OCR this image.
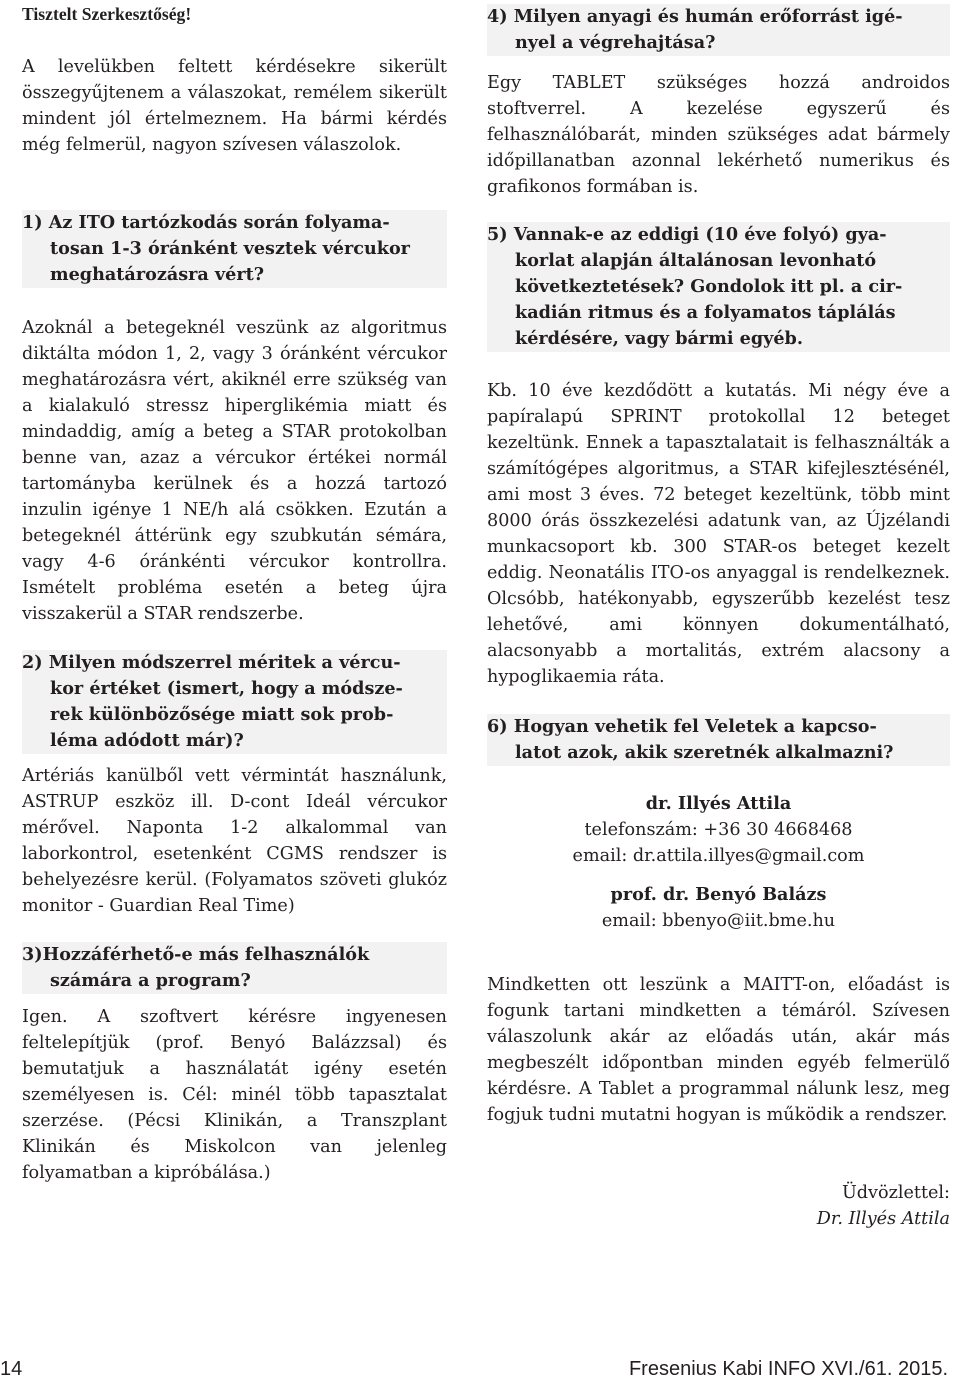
Tisztelt Szerkesztőség!

A levelükben feltett kérdésekre sikerült összegyűjtenem a válaszokat, remélem sikerült mindent jól értelmeznem. Ha bármi kérdés még felmerül, nagyon szívesen válaszolok.

1) Az ITO tartózkodás során folyama-
tosan 1-3 óránként vesztek vércukor
meghatározásra vért?

Azoknál a betegeknél veszünk az algoritmus diktálta módon 1, 2, vagy 3 óránként vércukor meghatározásra vért, akiknél erre szükség van a kialakuló stressz hiperglikémia miatt és mindaddig, amíg a beteg a STAR protokolban benne van, azaz a vércukor értékei normál tartományba kerülnek és a hozzá tartozó inzulin igénye 1 NE/h alá csökken. Ezután a betegeknél áttérünk egy szubkután sémára, vagy 4-6 óránkénti vércukor kontrollra. Ismételt probléma esetén a beteg újra visszakerül a STAR rendszerbe.

2) Milyen módszerrel méritek a vércu-
kor értéket (ismert, hogy a módsze-
rek különbözősége miatt sok prob-
léma adódott már)?

Artériás kanülből vett vérmintát használunk, ASTRUP eszköz ill. D-cont Ideál vércukor mérővel. Naponta 1-2 alkalommal van laborkontrol, esetenként CGMS rendszer is behelyezésre kerül. (Folyamatos szöveti glukóz monitor - Guardian Real Time)

3)Hozzáférhető-e más felhasználók
számára a program?

Igen. A szoftvert kérésre ingyenesen feltelepítjük (prof. Benyó Balázzsal) és bemutatjuk a használatát igény esetén személyesen is. Cél: minél több tapasztalat szerzése. (Pécsi Klinikán, a Transzplant Klinikán és Miskolcon van jelenleg folyamatban a kipróbálása.)

4) Milyen anyagi és humán erőforrást igé-
nyel a végrehajtása?

Egy TABLET szükséges hozzá androidos stoftverrel. A kezelése egyszerű és felhasználóbarát, minden szükséges adat bármely időpillanatban azonnal lekérhető numerikus és grafikonos formában is.

5) Vannak-e az eddigi (10 éve folyó) gya-
korlat alapján általánosan levonható
következtetések? Gondolok itt pl. a cir-
kadián ritmus és a folyamatos táplálás
kérdésére, vagy bármi egyéb.

Kb. 10 éve kezdődött a kutatás. Mi négy éve a papíralapú SPRINT protokollal 12 beteget kezeltünk. Ennek a tapasztalatait is felhasználták a számítógépes algoritmus, a STAR kifejlesztésénél, ami most 3 éves. 72 beteget kezeltünk, több mint 8000 órás összkezelési adatunk van, az Újzélandi munkacsoport kb. 300 STAR-os beteget kezelt eddig. Neonatális ITO-os anyaggal is rendelkeznek. Olcsóbb, hatékonyabb, egyszerűbb kezelést tesz lehetővé, ami könnyen dokumentálható, alacsonyabb a mortalitás, extrém alacsony a hypoglikaemia ráta.

6) Hogyan vehetik fel Veletek a kapcso-
latot azok, akik szeretnék alkalmazni?
dr. Illyés Attila
telefonszám: +36 30 4668468
email: dr.attila.illyes@gmail.com
prof. dr. Benyó Balázs
email: bbenyo@iit.bme.hu

Mindketten ott leszünk a MAITT-on, előadást is fogunk tartani mindketten a témáról. Szívesen válaszolunk akár az előadás után, akár más megbeszélt időpontban minden egyéb felmerülő kérdésre. A Tablet a programmal nálunk lesz, meg fogjuk tudni mutatni hogyan is működik a rendszer.

Üdvözlettel:
Dr. Illyés Attila
14	Fresenius Kabi INFO XVI./61. 2015.
